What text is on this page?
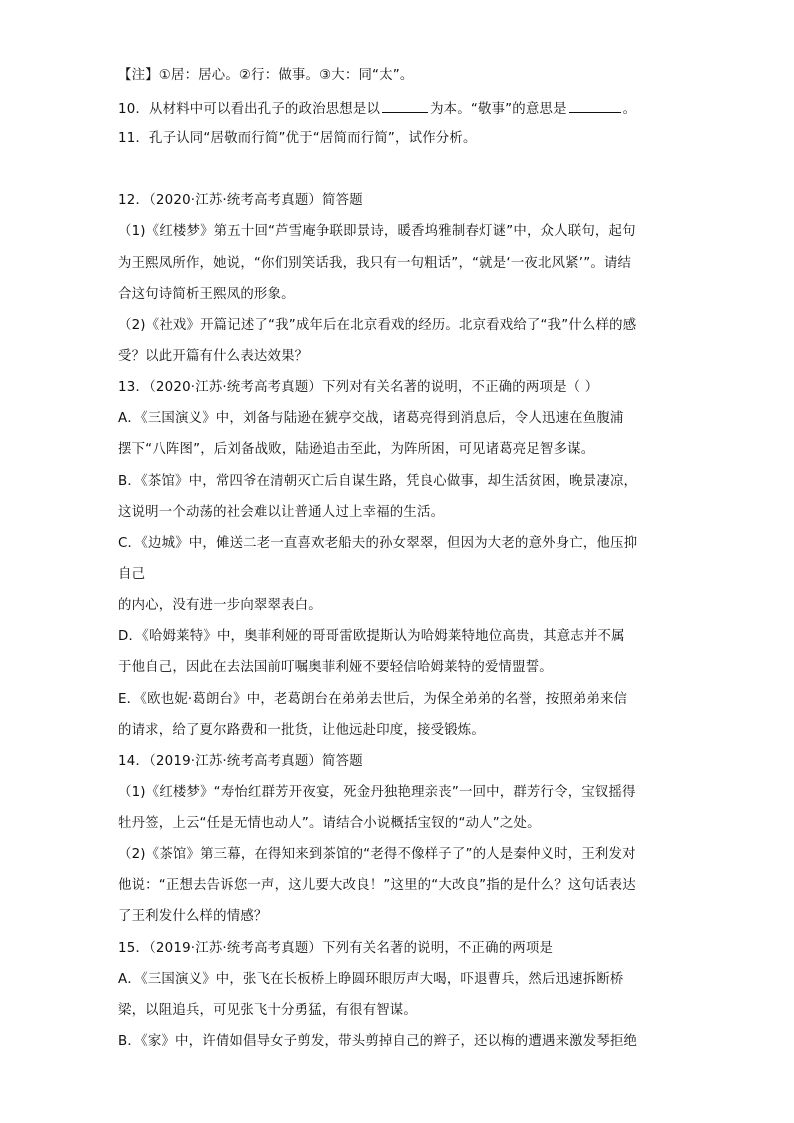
【注】①居：居心。②行：做事。③大：同“太”。
10．从材料中可以看出孔子的政治思想是以	为本。“敬事”的意思是	。
11．孔子认同“居敬而行简”优于“居简而行简”，试作分析。
12．（2020·江苏·统考高考真题）简答题
（1)《红楼梦》第五十回“芦雪庵争联即景诗，暖香坞雅制春灯谜”中，众人联句，起句
为王熙凤所作，她说，“你们别笑话我，我只有一句粗话”，“就是‘一夜北风紧’”。请结
合这句诗简析王熙凤的形象。
（2)《社戏》开篇记述了“我”成年后在北京看戏的经历。北京看戏给了“我”什么样的感
受？以此开篇有什么表达效果？
13．（2020·江苏·统考高考真题）下列对有关名著的说明，不正确的两项是（ ）
A．《三国演义》中，刘备与陆逊在猇亭交战，诸葛亮得到消息后，令人迅速在鱼腹浦
摆下“八阵图”，后刘备战败，陆逊追击至此，为阵所困，可见诸葛亮足智多谋。
B．《茶馆》中，常四爷在清朝灭亡后自谋生路，凭良心做事，却生活贫困，晚景凄凉，
这说明一个动荡的社会难以让普通人过上幸福的生活。
C．《边城》中，傩送二老一直喜欢老船夫的孙女翠翠，但因为大老的意外身亡，他压抑
自己
的内心，没有进一步向翠翠表白。
D．《哈姆莱特》中，奥菲利娅的哥哥雷欧提斯认为哈姆莱特地位高贵，其意志并不属
于他自己，因此在去法国前叮嘱奥菲利娅不要轻信哈姆莱特的爱情盟誓。
E．《欧也妮·葛朗台》中，老葛朗台在弟弟去世后，为保全弟弟的名誉，按照弟弟来信
的请求，给了夏尔路费和一批货，让他远赴印度，接受锻炼。
14．（2019·江苏·统考高考真题）简答题
（1)《红楼梦》“寿怡红群芳开夜宴，死金丹独艳理亲丧”一回中，群芳行令，宝钗摇得
牡丹签，上云“任是无情也动人”。请结合小说概括宝钗的“动人”之处。
（2)《茶馆》第三幕，在得知来到茶馆的“老得不像样子了”的人是秦仲义时，王利发对
他说：“正想去告诉您一声，这儿要大改良！”这里的“大改良”指的是什么？这句话表达
了王利发什么样的情感？
15．（2019·江苏·统考高考真题）下列有关名著的说明，不正确的两项是
A．《三国演义》中，张飞在长板桥上睁圆环眼厉声大喝，吓退曹兵，然后迅速拆断桥
梁，以阻追兵，可见张飞十分勇猛，有很有智谋。
B．《家》中，许倩如倡导女子剪发，带头剪掉自己的辫子，还以梅的遭遇来激发琴拒绝
